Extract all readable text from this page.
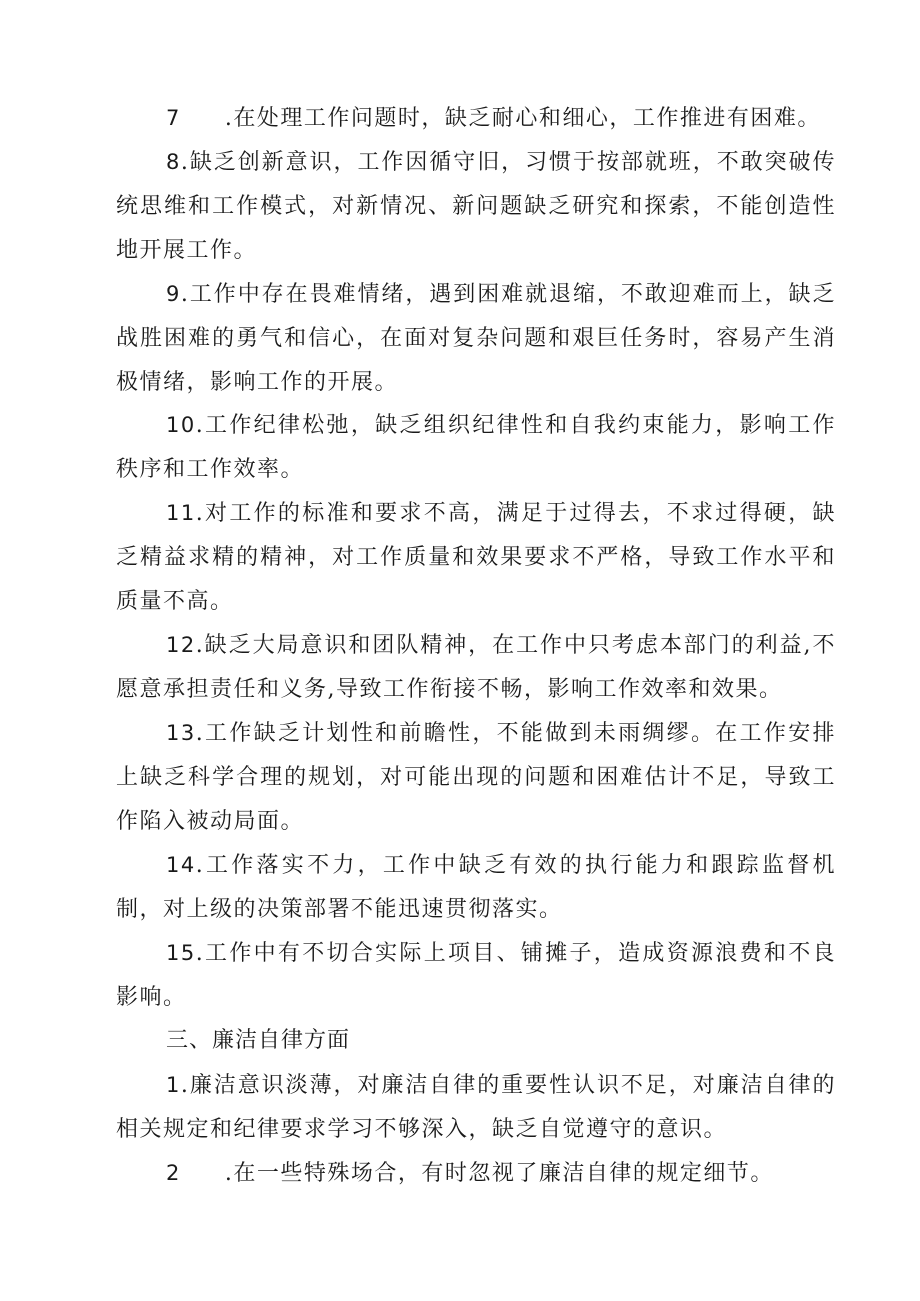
7 .在处理工作问题时，缺乏耐心和细心，工作推进有困难。

8.缺乏创新意识，工作因循守旧，习惯于按部就班，不敢突破传统思维和工作模式，对新情况、新问题缺乏研究和探索，不能创造性地开展工作。

9.工作中存在畏难情绪，遇到困难就退缩，不敢迎难而上，缺乏战胜困难的勇气和信心，在面对复杂问题和艰巨任务时，容易产生消极情绪，影响工作的开展。

10.工作纪律松弛，缺乏组织纪律性和自我约束能力，影响工作秩序和工作效率。

11.对工作的标准和要求不高，满足于过得去，不求过得硬，缺乏精益求精的精神，对工作质量和效果要求不严格，导致工作水平和质量不高。

12.缺乏大局意识和团队精神，在工作中只考虑本部门的利益,不愿意承担责任和义务,导致工作衔接不畅，影响工作效率和效果。

13.工作缺乏计划性和前瞻性，不能做到未雨绸缪。在工作安排上缺乏科学合理的规划，对可能出现的问题和困难估计不足，导致工作陷入被动局面。

14.工作落实不力，工作中缺乏有效的执行能力和跟踪监督机制，对上级的决策部署不能迅速贯彻落实。

15.工作中有不切合实际上项目、铺摊子，造成资源浪费和不良影响。

三、廉洁自律方面

1.廉洁意识淡薄，对廉洁自律的重要性认识不足，对廉洁自律的相关规定和纪律要求学习不够深入，缺乏自觉遵守的意识。

2 .在一些特殊场合，有时忽视了廉洁自律的规定细节。
